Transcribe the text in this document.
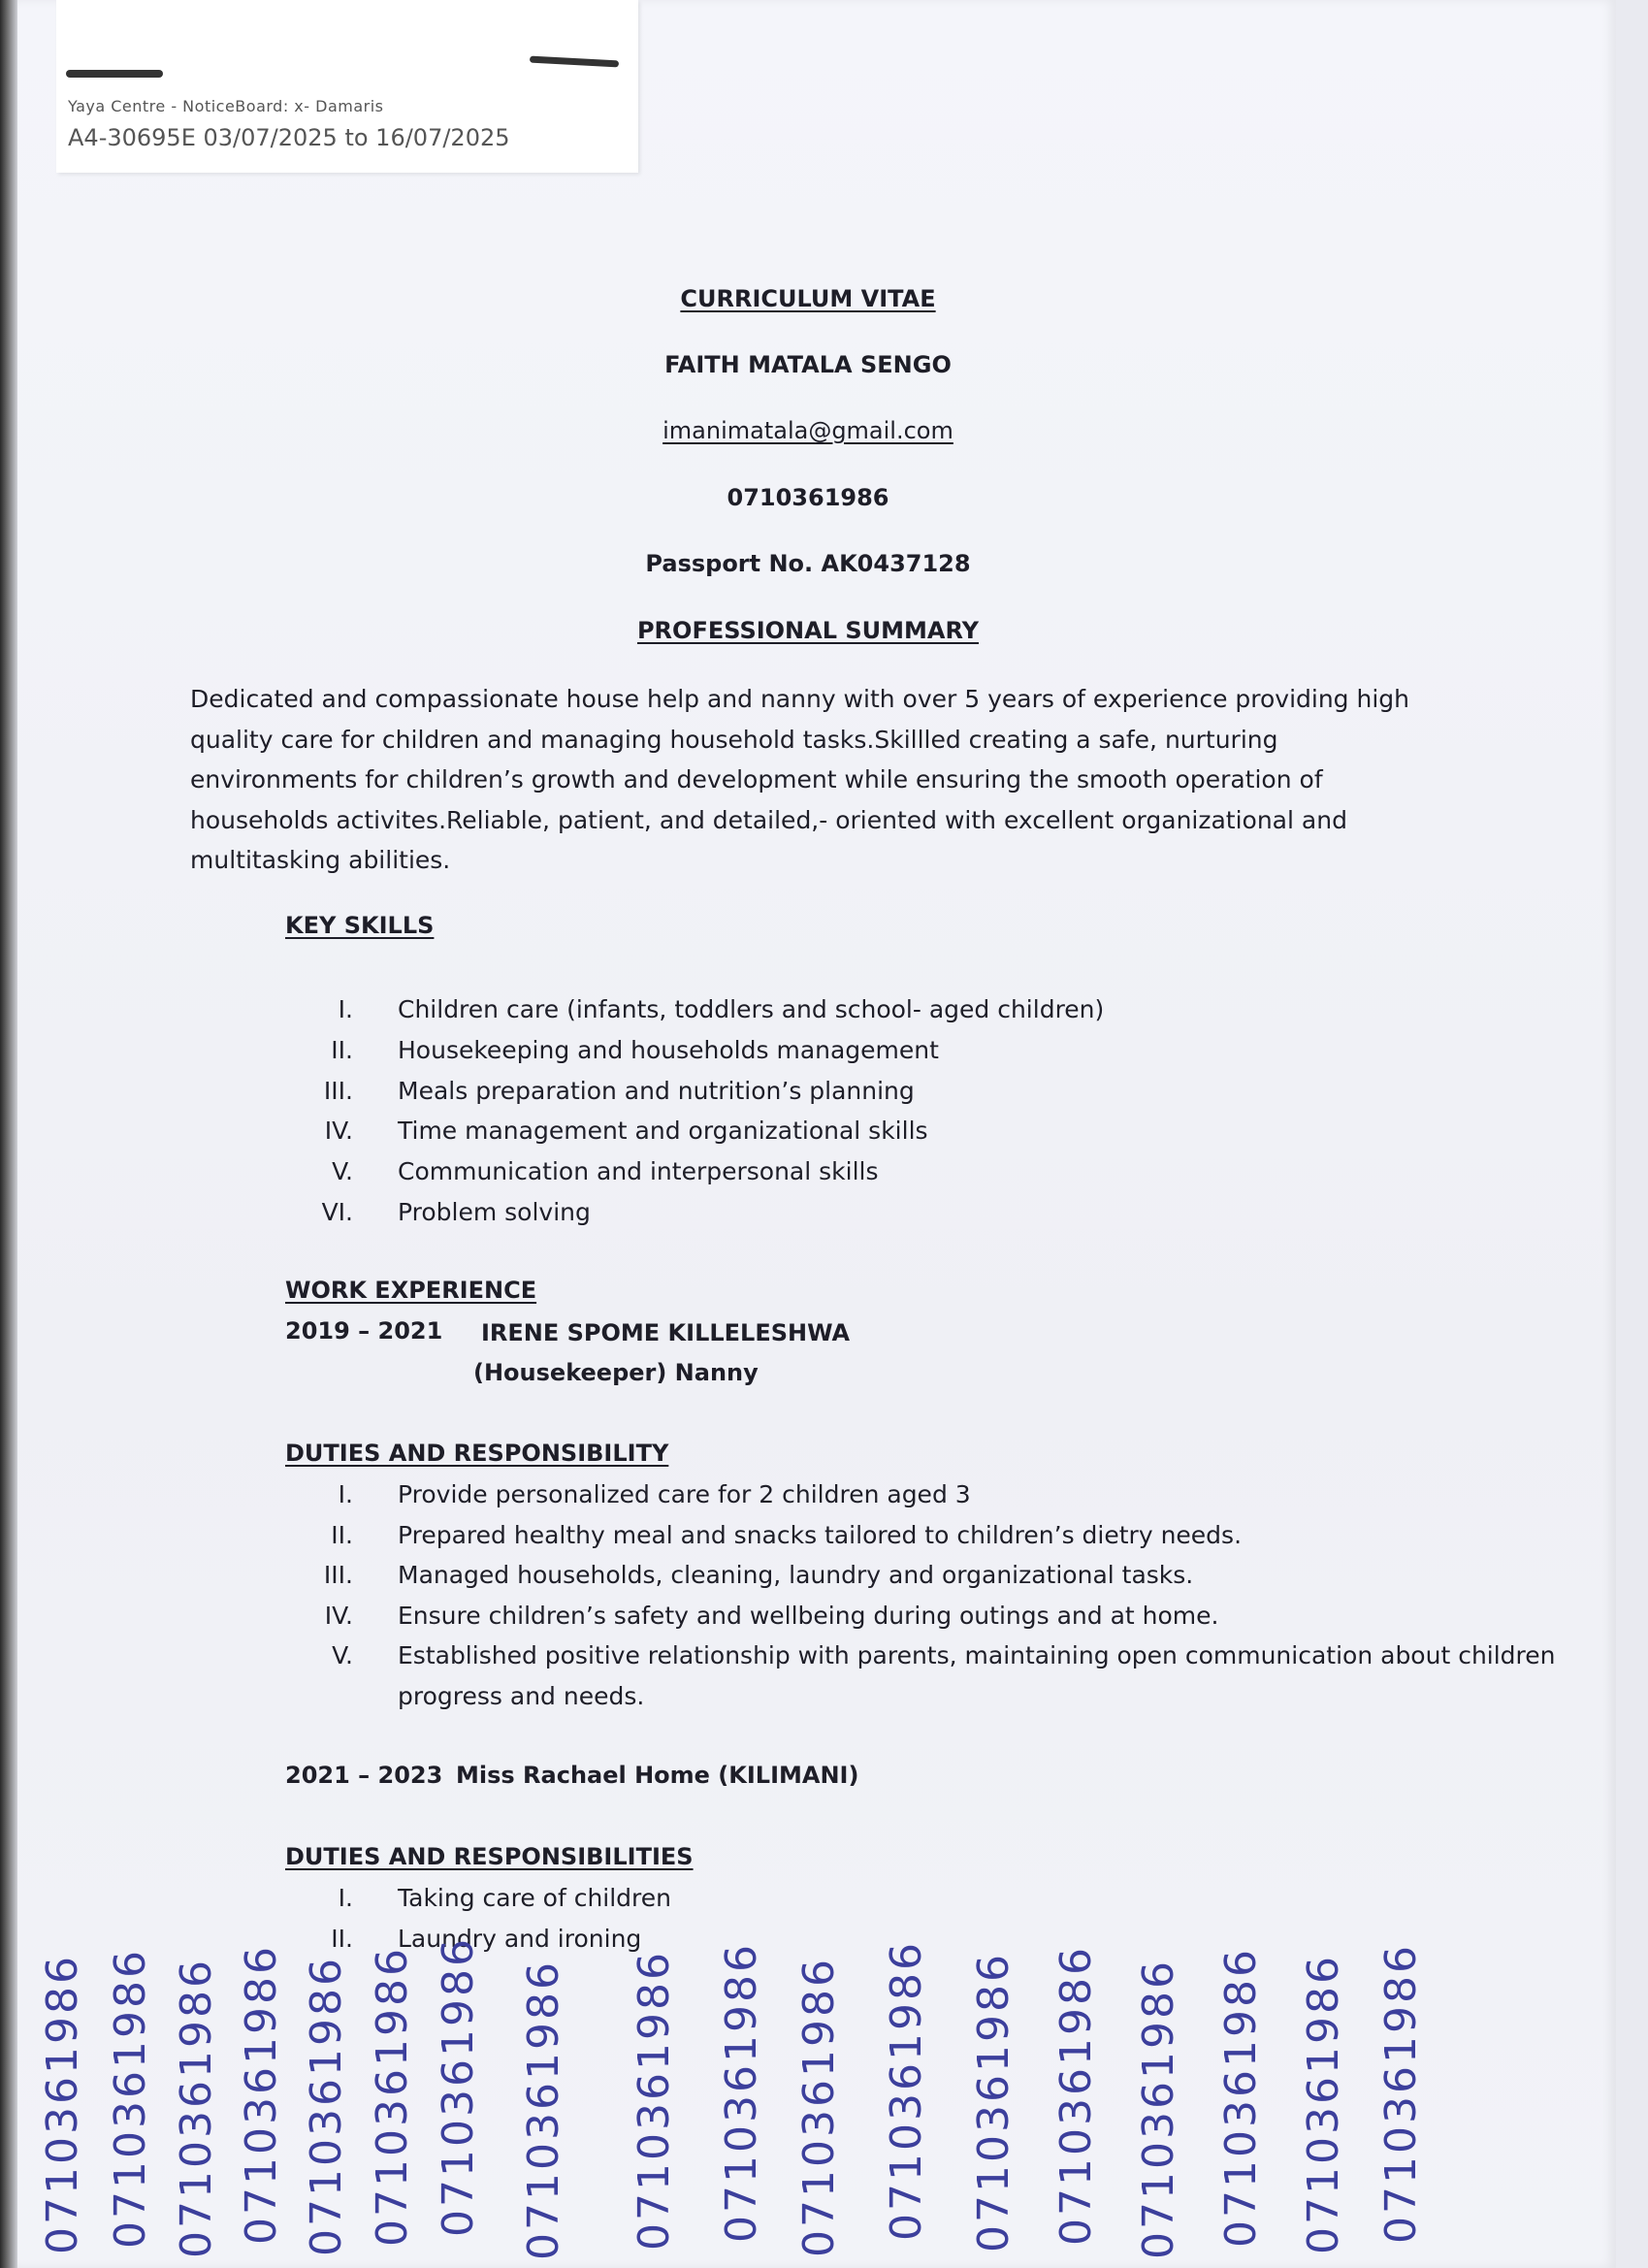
Yaya Centre - NoticeBoard: x- Damaris
A4-30695E 03/07/2025 to 16/07/2025
CURRICULUM VITAE
FAITH MATALA SENGO
imanimatala@gmail.com
0710361986
Passport No. AK0437128
PROFESSIONAL SUMMARY
Dedicated and compassionate house help and nanny with over 5 years of experience providing high quality care for children and managing household tasks.Skillled creating a safe, nurturing environments for children’s growth and development while ensuring the smooth operation of households activites.Reliable, patient, and detailed,- oriented with excellent organizational and multitasking abilities.
KEY SKILLS
I. Children care (infants, toddlers and school- aged children)
II. Housekeeping and households management
III. Meals preparation and nutrition’s planning
IV. Time management and organizational skills
V. Communication and interpersonal skills
VI. Problem solving
WORK EXPERIENCE
2019 – 2021 IRENE SPOME KILLELESHWA
(Housekeeper) Nanny
DUTIES AND RESPONSIBILITY
I. Provide personalized care for 2 children aged 3
II. Prepared healthy meal and snacks tailored to children’s dietry needs.
III. Managed households, cleaning, laundry and organizational tasks.
IV. Ensure children’s safety and wellbeing during outings and at home.
V. Established positive relationship with parents, maintaining open communication about children progress and needs.
2021 – 2023 Miss Rachael Home (KILIMANI)
DUTIES AND RESPONSIBILITIES
I. Taking care of children
II. Laundry and ironing
0710361986 0710361986 0710361986 0710361986 0710361986 0710361986 0710361986 0710361986 0710361986 0710361986 0710361986 0710361986 0710361986 0710361986 0710361986 0710361986 0710361986 0710361986
